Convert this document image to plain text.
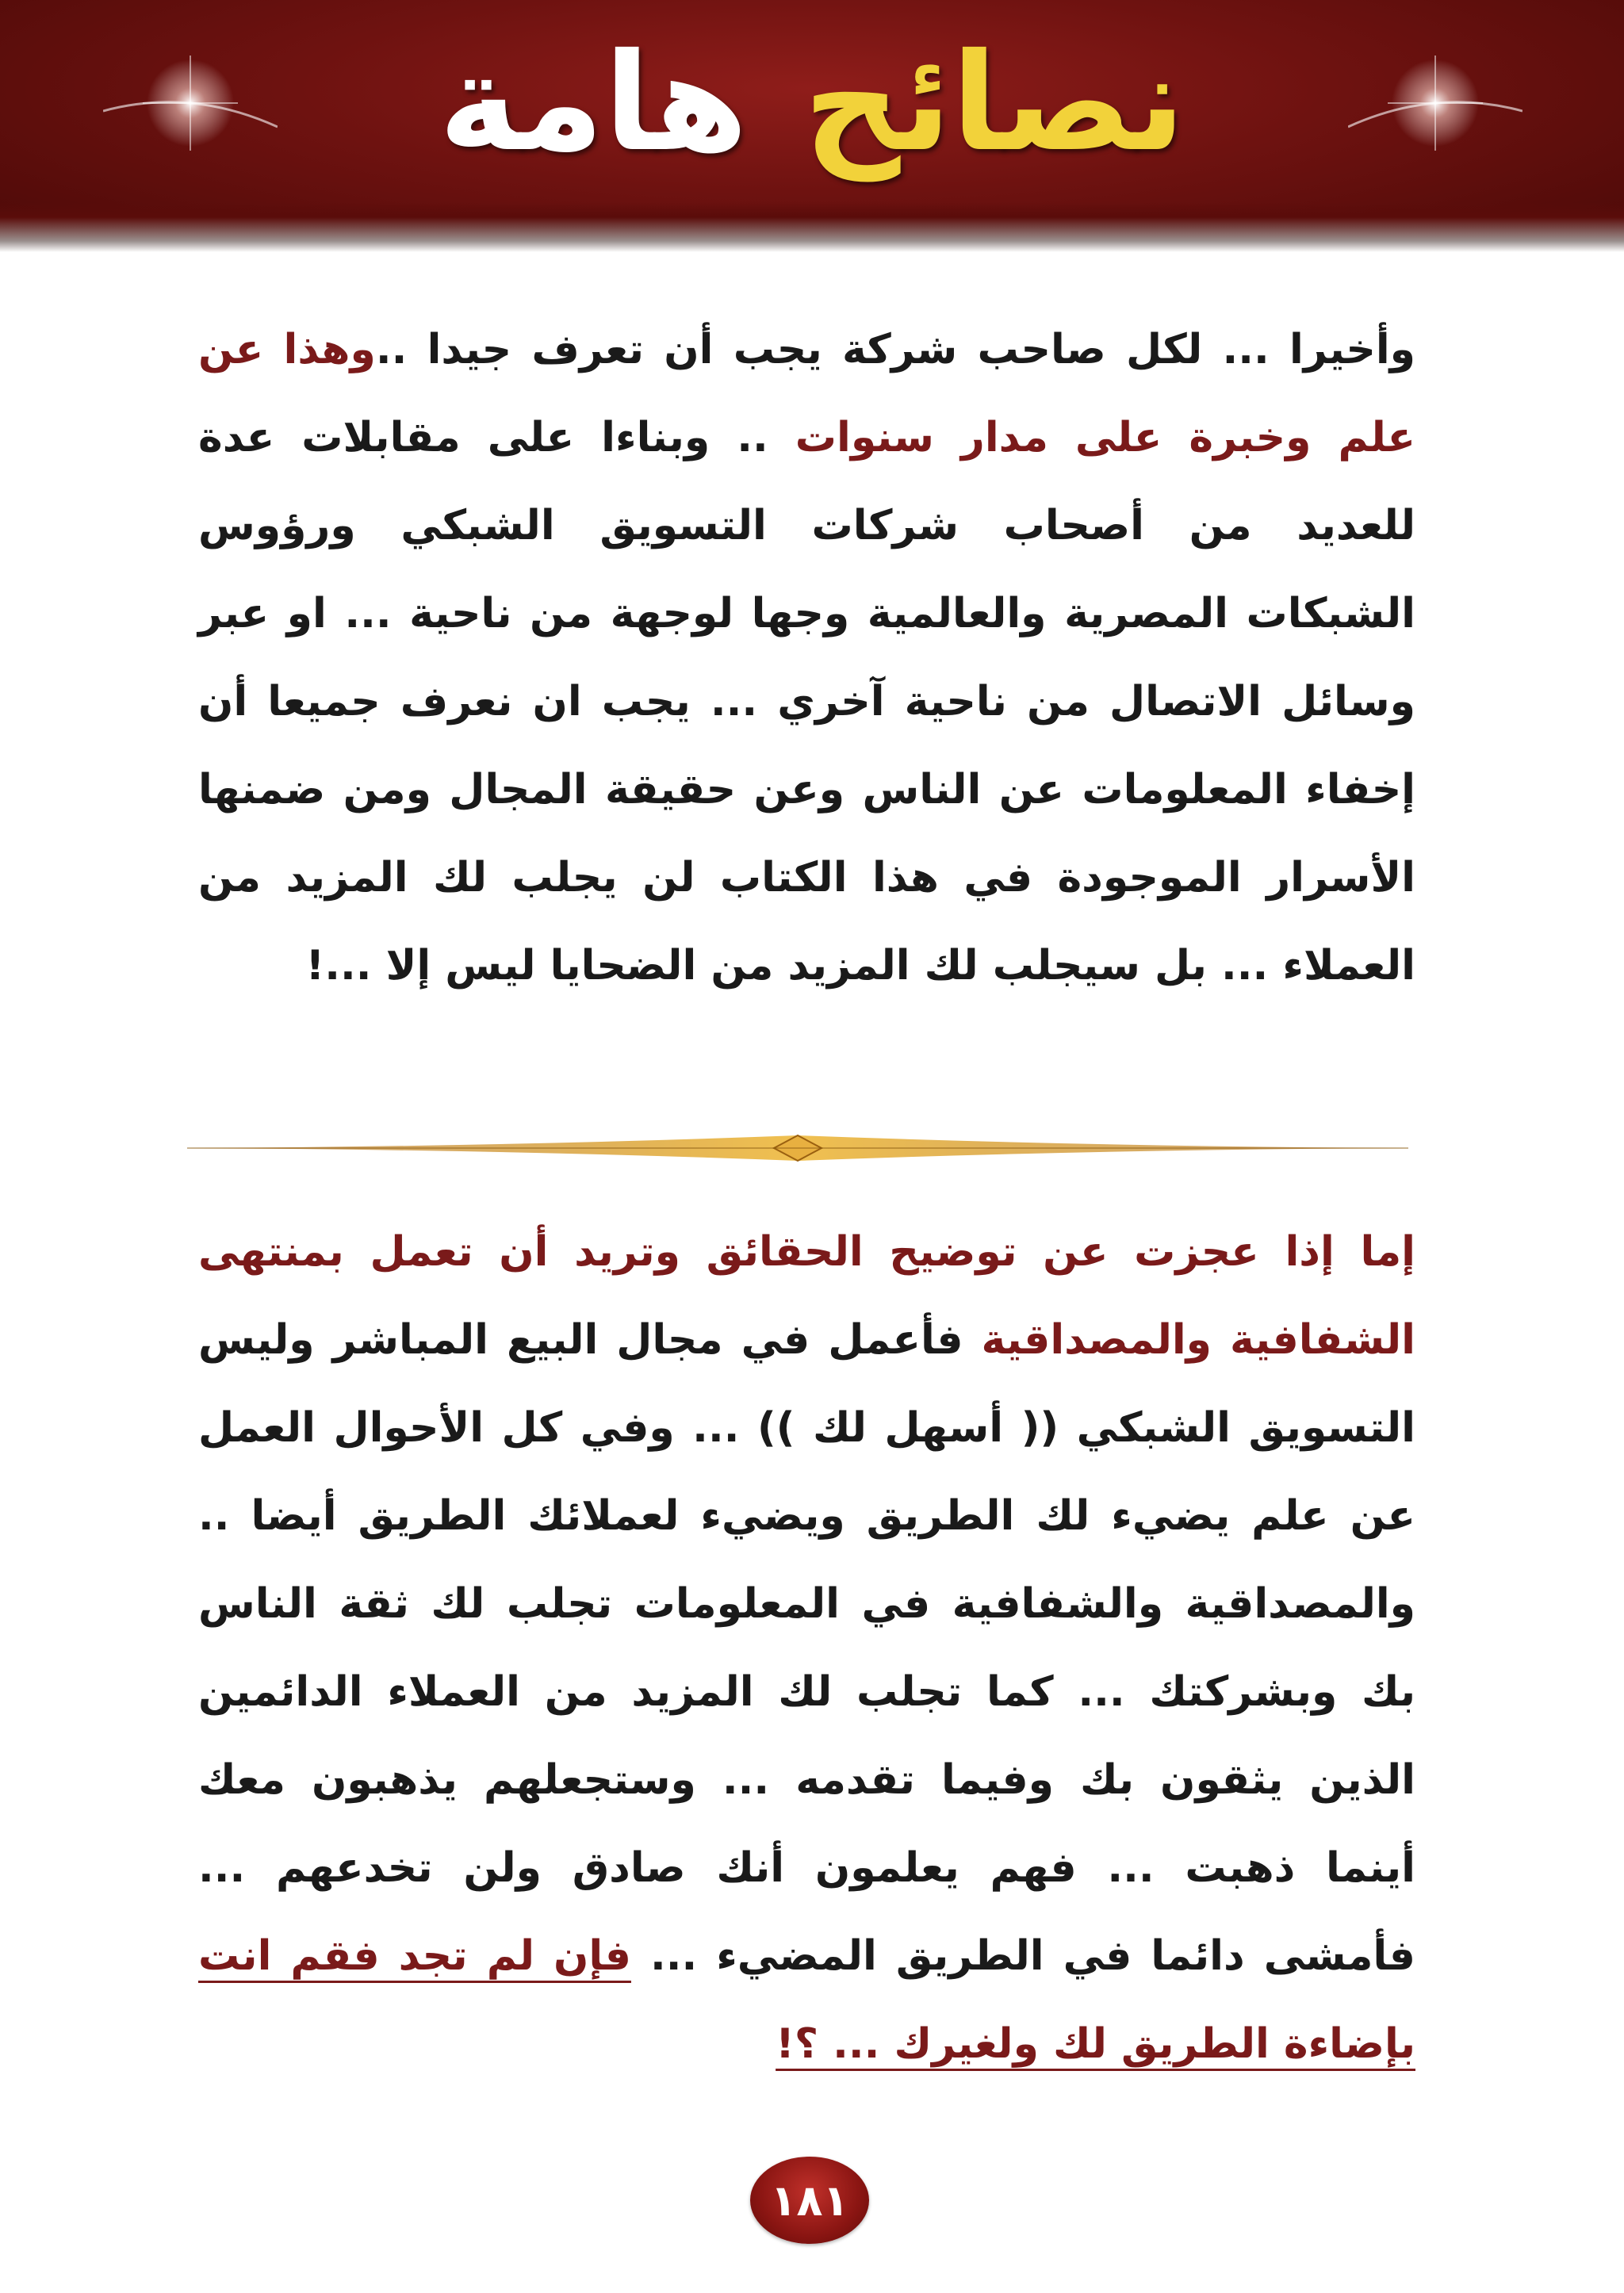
نصائح
هامة

وأخيرا ... لكل صاحب شركة يجب أن تعرف جيدا ..وهذا عن علم وخبرة على مدار سنوات .. وبناءا على مقابلات عدة للعديد من أصحاب شركات التسويق الشبكي ورؤوس الشبكات المصرية والعالمية وجها لوجهة من ناحية ... او عبر وسائل الاتصال من ناحية آخري ... يجب ان نعرف جميعا أن إخفاء المعلومات عن الناس وعن حقيقة المجال ومن ضمنها الأسرار الموجودة في هذا الكتاب لن يجلب لك المزيد من العملاء ... بل سيجلب لك المزيد من الضحايا ليس إلا ...!

إما إذا عجزت عن توضيح الحقائق وتريد أن تعمل بمنتهى الشفافية والمصداقية فأعمل في مجال البيع المباشر وليس التسويق الشبكي (( أسهل لك )) ... وفي كل الأحوال العمل عن علم يضيء لك الطريق ويضيء لعملائك الطريق أيضا .. والمصداقية والشفافية في المعلومات تجلب لك ثقة الناس بك وبشركتك ... كما تجلب لك المزيد من العملاء الدائمين الذين يثقون بك وفيما تقدمه ... وستجعلهم يذهبون معك أينما ذهبت ... فهم يعلمون أنك صادق ولن تخدعهم ... فأمشى دائما في الطريق المضيء ... فإن لم تجد فقم انت بإضاءة الطريق لك ولغيرك ... ؟!

١٨١
